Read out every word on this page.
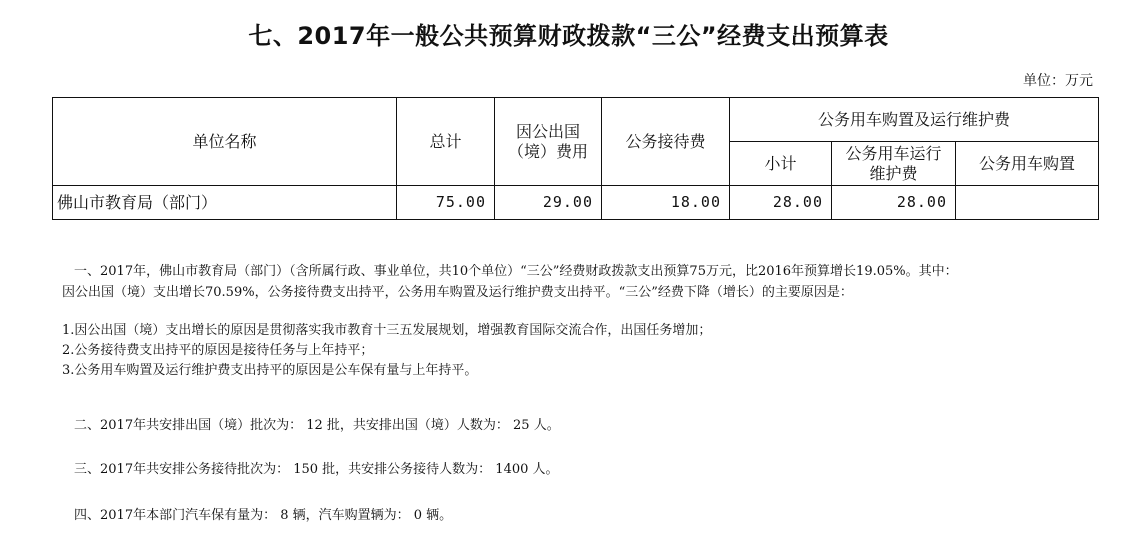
七、2017年一般公共预算财政拨款“三公”经费支出预算表
单位：万元
单位名称	总计	因公出国（境）费用	公务接待费	公务用车购置及运行维护费		
				小计	公务用车运行维护费	公务用车购置
佛山市教育局（部门）	75.00	29.00	18.00	28.00	28.00	
一、2017年，佛山市教育局（部门）（含所属行政、事业单位，共10个单位）“三公”经费财政拨款支出预算75万元，比2016年预算增长19.05%。其中：
因公出国（境）支出增长70.59%，公务接待费支出持平，公务用车购置及运行维护费支出持平。“三公”经费下降（增长）的主要原因是：
1.因公出国（境）支出增长的原因是贯彻落实我市教育十三五发展规划，增强教育国际交流合作，出国任务增加；
2.公务接待费支出持平的原因是接待任务与上年持平；
3.公务用车购置及运行维护费支出持平的原因是公车保有量与上年持平。
二、2017年共安排出国（境）批次为： 12 批，共安排出国（境）人数为： 25 人。
三、2017年共安排公务接待批次为： 150 批，共安排公务接待人数为： 1400 人。
四、2017年本部门汽车保有量为： 8 辆，汽车购置辆为： 0 辆。
